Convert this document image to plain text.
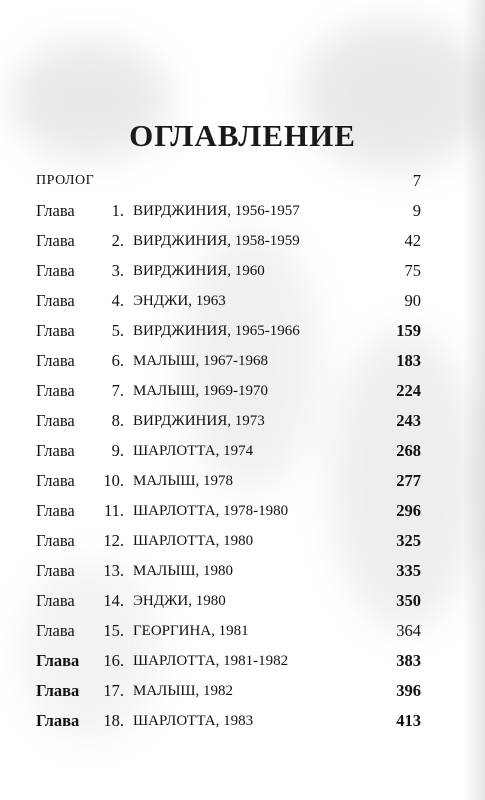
ОГЛАВЛЕНИЕ
ПРОЛОГ	7
Глава	1. ВИРДЖИНИЯ, 1956-1957	9
Глава	2. ВИРДЖИНИЯ, 1958-1959	42
Глава	3. ВИРДЖИНИЯ, 1960	75
Глава	4. ЭНДЖИ, 1963	90
Глава	5. ВИРДЖИНИЯ, 1965-1966	159
Глава	6. МАЛЫШ, 1967-1968	183
Глава	7. МАЛЫШ, 1969-1970	224
Глава	8. ВИРДЖИНИЯ, 1973	243
Глава	9. ШАРЛОТТА, 1974	268
Глава	10. МАЛЫШ, 1978	277
Глава	11. ШАРЛОТТА, 1978-1980	296
Глава	12. ШАРЛОТТА, 1980	325
Глава	13. МАЛЫШ, 1980	335
Глава	14. ЭНДЖИ, 1980	350
Глава	15. ГЕОРГИНА, 1981	364
Глава	16. ШАРЛОТТА, 1981-1982	383
Глава	17. МАЛЫШ, 1982	396
Глава	18. ШАРЛОТТА, 1983	413
